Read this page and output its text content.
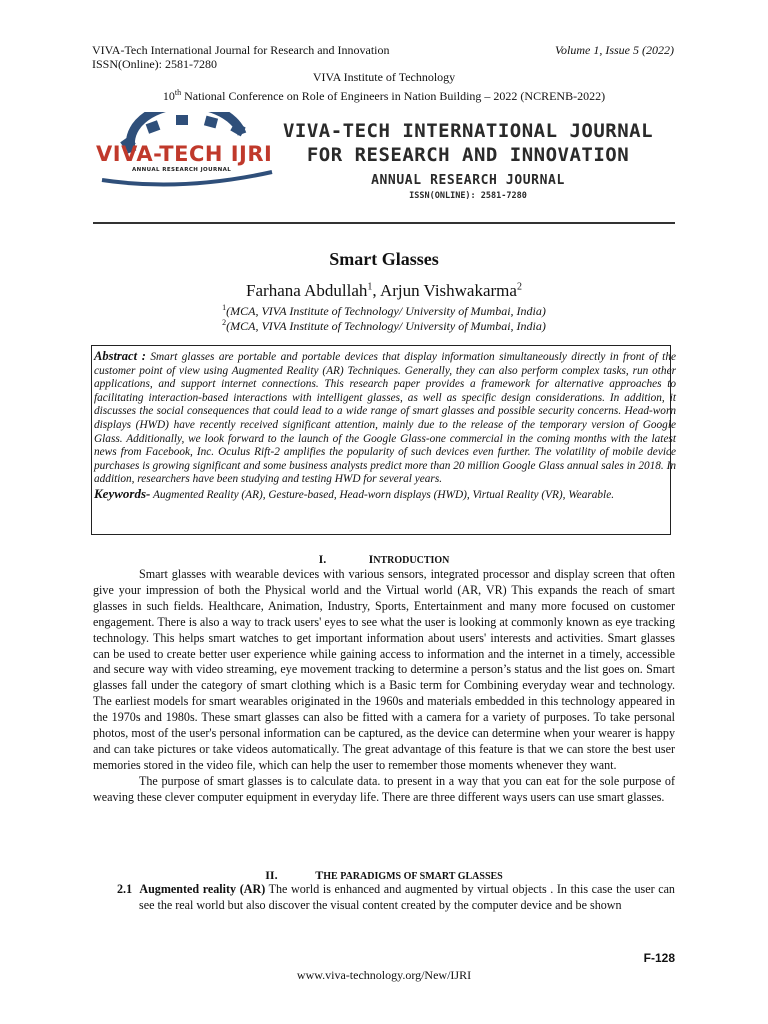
VIVA-Tech International Journal for Research and Innovation
ISSN(Online): 2581-7280
Volume 1, Issue 5 (2022)
VIVA Institute of Technology
10th National Conference on Role of Engineers in Nation Building – 2022 (NCRENB-2022)
VIVA-TECH IJRI
ANNUAL RESEARCH JOURNAL
VIVA-TECH INTERNATIONAL JOURNAL
FOR RESEARCH AND INNOVATION
ANNUAL RESEARCH JOURNAL
ISSN(ONLINE): 2581-7280
Smart Glasses
Farhana Abdullah$^1$, Arjun Vishwakarma$^2$
$^1$(MCA, VIVA Institute of Technology/ University of Mumbai, India)
$^2$(MCA, VIVA Institute of Technology/ University of Mumbai, India)

Abstract : Smart glasses are portable and portable devices that display information simultaneously directly in front of the customer point of view using Augmented Reality (AR) Techniques. Generally, they can also perform complex tasks, run other applications, and support internet connections. This research paper provides a framework for alternative approaches to facilitating interaction-based interactions with intelligent glasses, as well as specific design considerations. In addition, it discusses the social consequences that could lead to a wide range of smart glasses and possible security concerns. Head-worn displays (HWD) have recently received significant attention, mainly due to the release of the temporary version of Google Glass. Additionally, we look forward to the launch of the Google Glass-one commercial in the coming months with the latest news from Facebook, Inc. Oculus Rift-2 amplifies the popularity of such devices even further. The volatility of mobile device purchases is growing significant and some business analysts predict more than 20 million Google Glass annual sales in 2018. In addition, researchers have been studying and testing HWD for several years.

Keywords- Augmented Reality (AR), Gesture-based, Head-worn displays (HWD), Virtual Reality (VR), Wearable.

I.	INTRODUCTION

Smart glasses with wearable devices with various sensors, integrated processor and display screen that often give your impression of both the Physical world and the Virtual world (AR, VR) This expands the reach of smart glasses in such fields. Healthcare, Animation, Industry, Sports, Entertainment and many more focused on customer engagement. There is also a way to track users' eyes to see what the user is looking at commonly known as eye tracking technology. This helps smart watches to get important information about users' interests and activities. Smart glasses can be used to create better user experience while gaining access to information and the internet in a timely, accessible and secure way with video streaming, eye movement tracking to determine a person’s status and the list goes on. Smart glasses fall under the category of smart clothing which is a Basic term for Combining everyday wear and technology. The earliest models for smart wearables originated in the 1960s and materials embedded in this technology appeared in the 1970s and 1980s. These smart glasses can also be fitted with a camera for a variety of purposes. To take personal photos, most of the user's personal information can be captured, as the device can determine when your wearer is happy and can take pictures or take videos automatically. The great advantage of this feature is that we can store the best user memories stored in the video file, which can help the user to remember those moments whenever they want.

The purpose of smart glasses is to calculate data. to present in a way that you can eat for the sole purpose of weaving these clever computer equipment in everyday life. There are three different ways users can use smart glasses.

II.	THE PARADIGMS OF SMART GLASSES

2.1 Augmented reality (AR) The world is enhanced and augmented by virtual objects . In this case the user can see the real world but also discover the visual content created by the computer device and be shown

F-128
www.viva-technology.org/New/IJRI
